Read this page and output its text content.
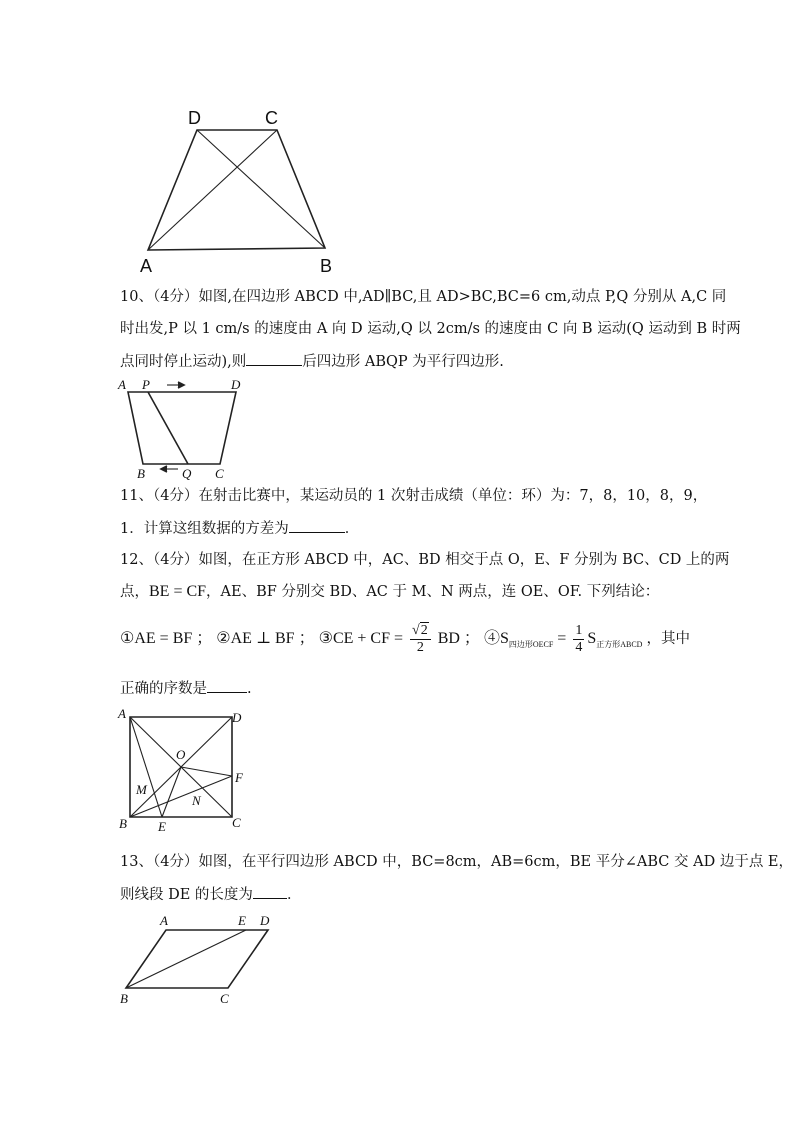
D	C
A	B
10、（4分）如图,在四边形 ABCD 中,AD∥BC,且 AD>BC,BC=6 cm,动点 P,Q 分别从 A,C 同
时出发,P 以 1 cm/s 的速度由 A 向 D 运动,Q 以 2cm/s 的速度由 C 向 B 运动(Q 运动到 B 时两
点同时停止运动),则	后四边形 ABQP 为平行四边形.
A P	D
B	Q C
11、（4分）在射击比赛中，某运动员的 1 次射击成绩（单位：环）为：7，8，10，8，9，
1．计算这组数据的方差为	．
12、（4分）如图，在正方形 ABCD 中，AC、BD 相交于点 O，E、F 分别为 BC、CD 上的两
点，BE = CF，AE、BF 分别交 BD、AC 于 M、N 两点，连 OE、OF. 下列结论：
①AE = BF ； ②AE ⊥ BF ； ③CE + CF = $\frac{√2}{2}$ BD ； $④S_{四边形OECF} = \frac{1}{4} S_{正方形ABCD}$ ，其中
正确的序数是	.
A	D
O
F
M
N
B E	C
13、（4分）如图，在平行四边形 ABCD 中，BC=8cm，AB=6cm，BE 平分∠ABC 交 AD 边于点 E，
则线段 DE 的长度为 ．
A	E D
B	C
